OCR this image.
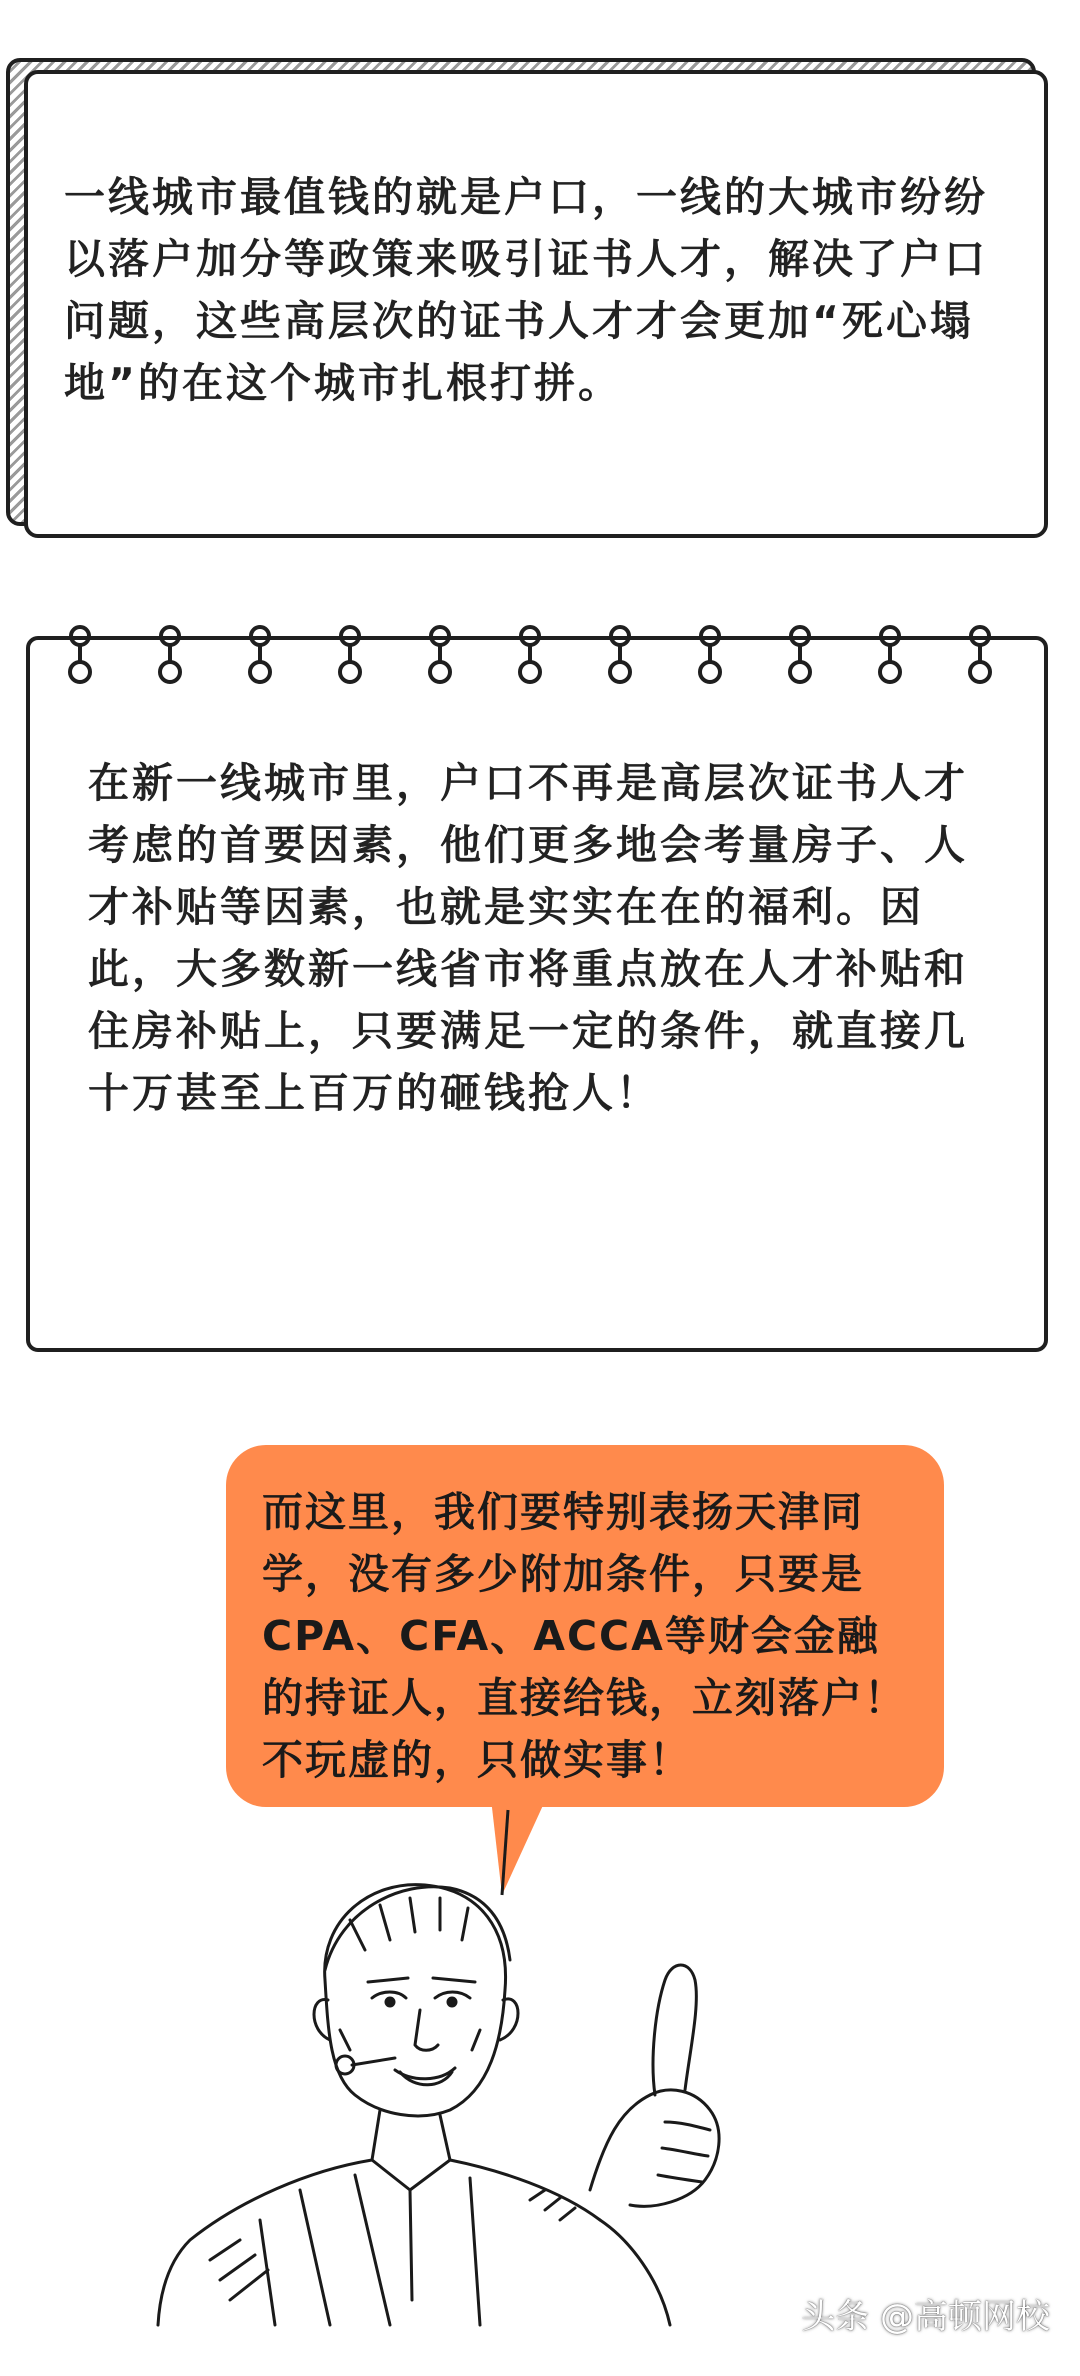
一线城市最值钱的就是户口，一线的大城市纷纷以落户加分等政策来吸引证书人才，解决了户口问题，这些高层次的证书人才才会更加“死心塌地”的在这个城市扎根打拼。
在新一线城市里，户口不再是高层次证书人才考虑的首要因素，他们更多地会考量房子、人才补贴等因素，也就是实实在在的福利。因此，大多数新一线省市将重点放在人才补贴和住房补贴上，只要满足一定的条件，就直接几十万甚至上百万的砸钱抢人！
而这里，我们要特别表扬天津同学，没有多少附加条件，只要是CPA、CFA、ACCA等财会金融的持证人，直接给钱，立刻落户！不玩虚的，只做实事！
头条 @高顿网校
